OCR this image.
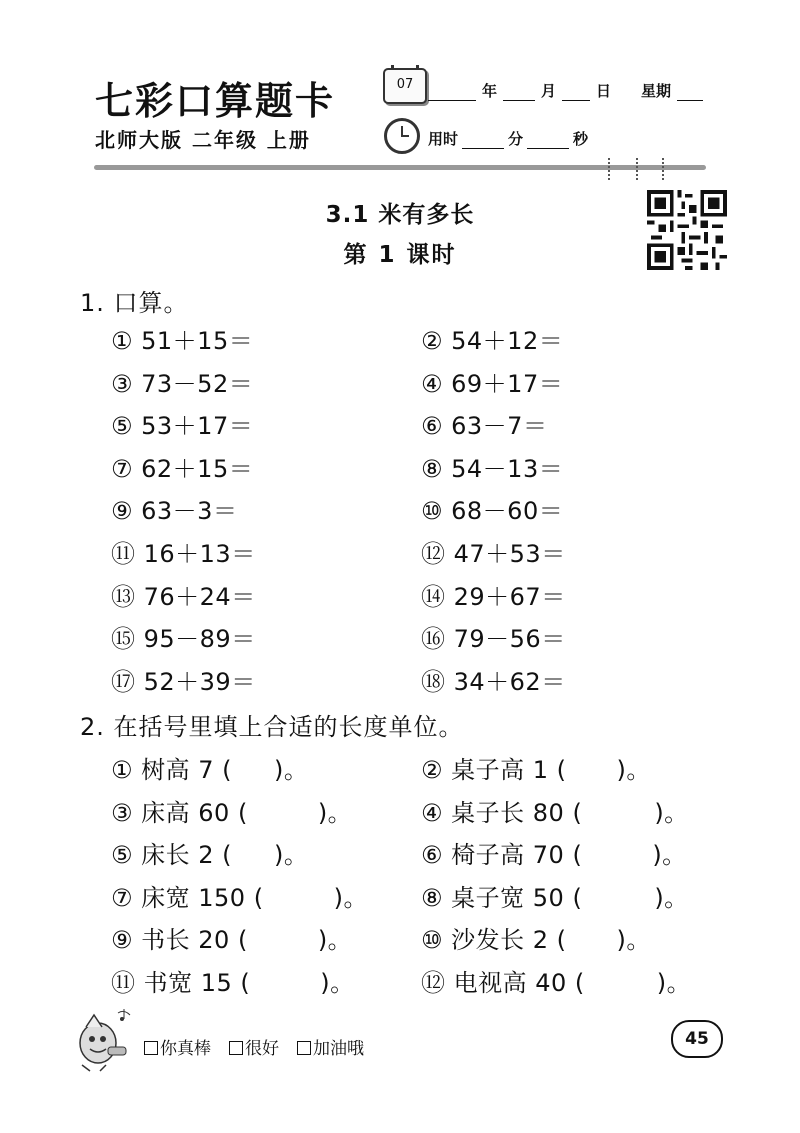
七彩口算题卡
北师大版 二年级 上册
07	年	月	日 星期
用时	分	秒
3.1 米有多长
第 1 课时
1. 口算。
① 51＋15＝	② 54＋12＝
③ 73－52＝	④ 69＋17＝
⑤ 53＋17＝	⑥ 63－7＝
⑦ 62＋15＝	⑧ 54－13＝
⑨ 63－3＝	⑩ 68－60＝
⑪ 16＋13＝	⑫ 47＋53＝
⑬ 76＋24＝	⑭ 29＋67＝
⑮ 95－89＝	⑯ 79－56＝
⑰ 52＋39＝	⑱ 34＋62＝
2. 在括号里填上合适的长度单位。
① 树高 7 ( )。	② 桌子高 1 ( )。
③ 床高 60 (	)。	④ 桌子长 80 (	)。
⑤ 床长 2 ( )。	⑥ 椅子高 70 (	)。
⑦ 床宽 150 (	)。 ⑧ 桌子宽 50 (	)。
⑨ 书长 20 (	)。	⑩ 沙发长 2 ( )。
⑪ 书宽 15 (	)。	⑫ 电视高 40 (	)。
你真棒	很好	加油哦	45
